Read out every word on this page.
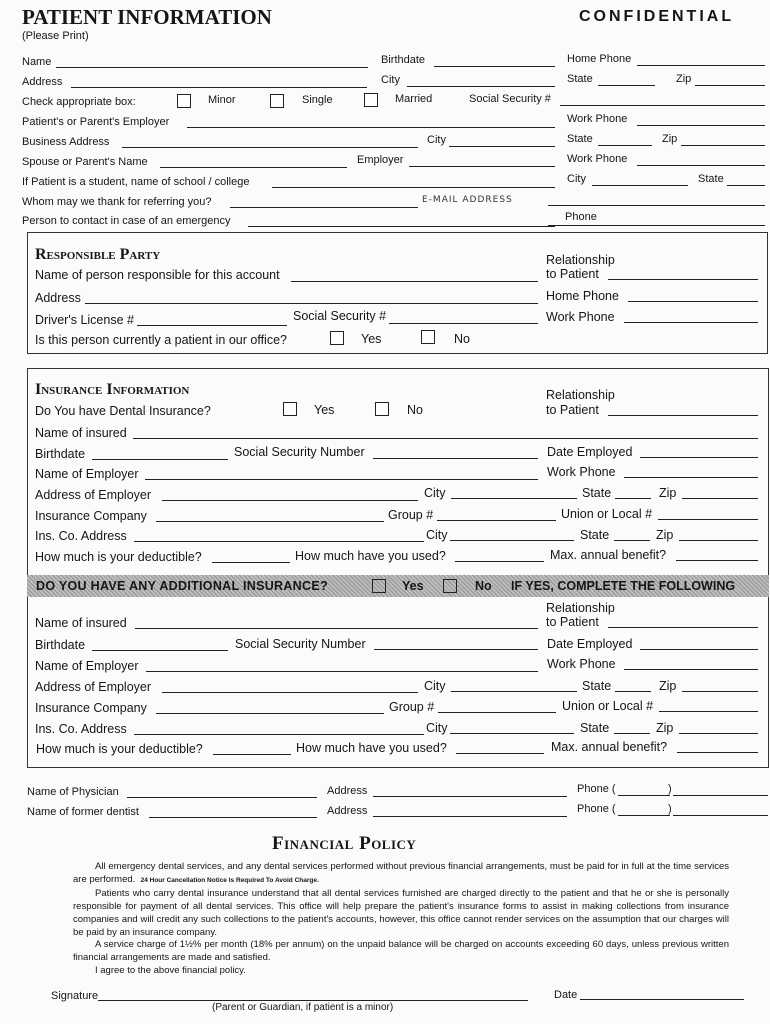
PATIENT INFORMATION	CONFIDENTIAL
(Please Print)
Name	Birthdate	Home Phone
Address	City	State	Zip
Check appropriate box:	Minor	Single	Married	Social Security #
Patient's or Parent's Employer	Work Phone
Business Address	City	State	Zip
Spouse or Parent's Name	Employer	Work Phone
If Patient is a student, name of school / college	City	State
Whom may we thank for referring you?	E-MAIL ADDRESS
Person to contact in case of an emergency	Phone
Responsible Party	Relationship
to Patient
Name of person responsible for this account
Address	Home Phone
Driver's License #	Social Security #	Work Phone
Is this person currently a patient in our office?	Yes	No
Insurance Information	Relationship
to Patient
Do You have Dental Insurance?	Yes	No
Name of insured
Birthdate	Social Security Number	Date Employed
Name of Employer	Work Phone
Address of Employer	City	State	Zip
Insurance Company	Group #	Union or Local #
Ins. Co. Address	City	State	Zip
How much is your deductible?	How much have you used?	Max. annual benefit?
DO YOU HAVE ANY ADDITIONAL INSURANCE?	Yes	No IF YES, COMPLETE THE FOLLOWING
Relationship
to Patient
Name of insured
Birthdate	Social Security Number	Date Employed
Name of Employer	Work Phone
Address of Employer	City	State	Zip
Insurance Company	Group #	Union or Local #
Ins. Co. Address	City	State	Zip
How much is your deductible?	How much have you used?	Max. annual benefit?
Name of Physician	Address	Phone (	)
Name of former dentist	Address	Phone (	)
Financial Policy

All emergency dental services, and any dental services performed without previous financial arrangements, must be paid for in full at the time services are performed. 24 Hour Cancellation Notice Is Required To Avoid Charge.

Patients who carry dental insurance understand that all dental services furnished are charged directly to the patient and that he or she is personally responsible for payment of all dental services. This office will help prepare the patient's insurance forms to assist in making collections from insurance companies and will credit any such collections to the patient's accounts, however, this office cannot render services on the assumption that our charges will be paid by an insurance company.

A service charge of 1½% per month (18% per annum) on the unpaid balance will be charged on accounts exceeding 60 days, unless previous written financial arrangements are made and satisfied.

I agree to the above financial policy.

Signature
(Parent or Guardian, if patient is a minor)
Date
